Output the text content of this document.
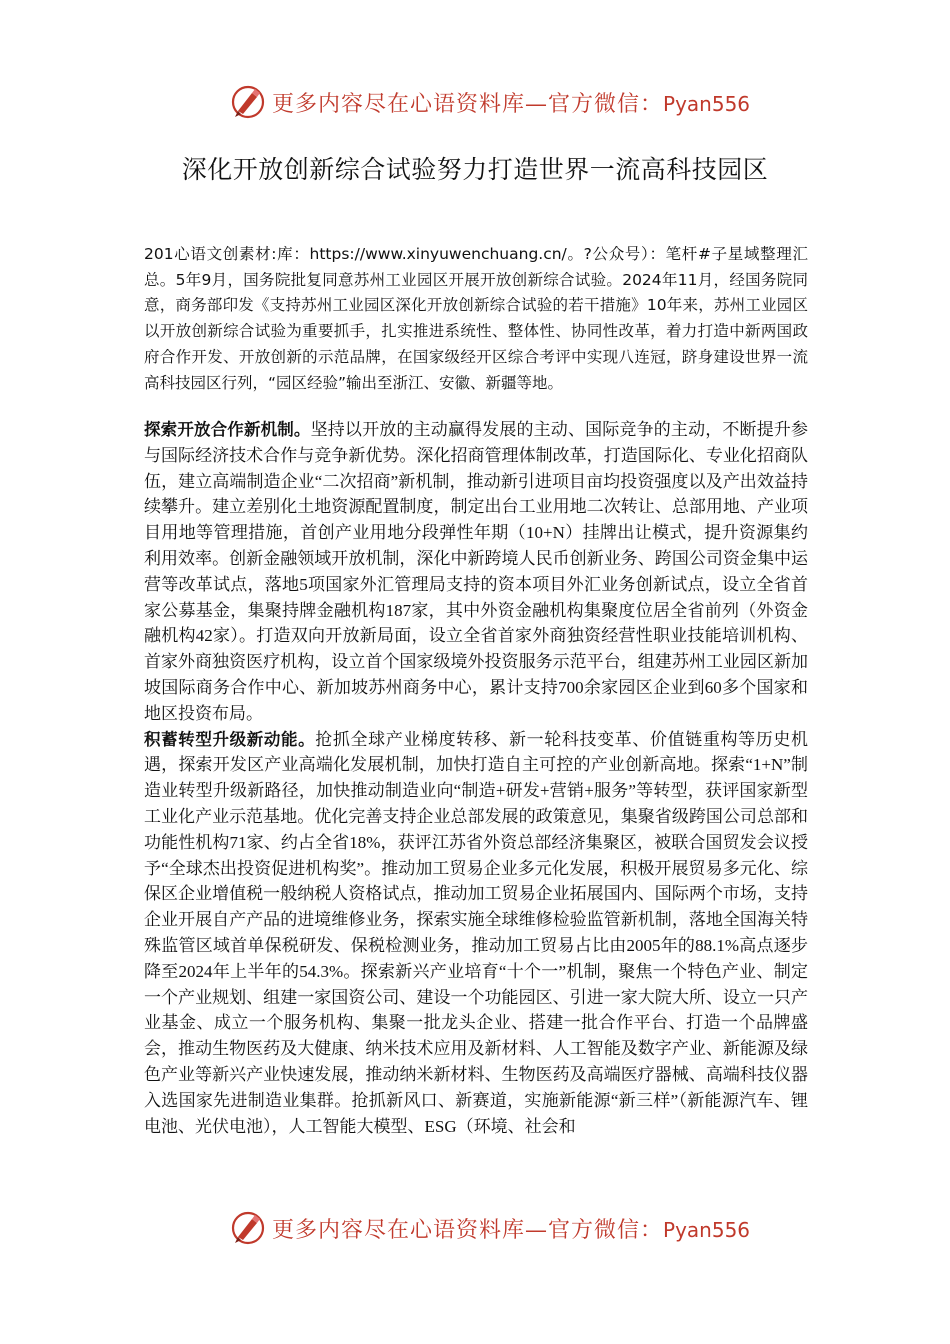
更多内容尽在心语资料库—官方微信：Pyan556
深化开放创新综合试验努力打造世界一流高科技园区

201心语文创素材:库：https://www.xinyuwenchuang.cn/。?公众号）：笔杆#子星域整理汇总。5年9月，国务院批复同意苏州工业园区开展开放创新综合试验。2024年11月，经国务院同意，商务部印发《支持苏州工业园区深化开放创新综合试验的若干措施》10年来，苏州工业园区以开放创新综合试验为重要抓手，扎实推进系统性、整体性、协同性改革，着力打造中新两国政府合作开发、开放创新的示范品牌，在国家级经开区综合考评中实现八连冠，跻身建设世界一流高科技园区行列，“园区经验”输出至浙江、安徽、新疆等地。

探索开放合作新机制。坚持以开放的主动赢得发展的主动、国际竞争的主动，不断提升参与国际经济技术合作与竞争新优势。深化招商管理体制改革，打造国际化、专业化招商队伍，建立高端制造企业“二次招商”新机制，推动新引进项目亩均投资强度以及产出效益持续攀升。建立差别化土地资源配置制度，制定出台工业用地二次转让、总部用地、产业项目用地等管理措施，首创产业用地分段弹性年期（10+N）挂牌出让模式，提升资源集约利用效率。创新金融领域开放机制，深化中新跨境人民币创新业务、跨国公司资金集中运营等改革试点，落地5项国家外汇管理局支持的资本项目外汇业务创新试点，设立全省首家公募基金，集聚持牌金融机构187家，其中外资金融机构集聚度位居全省前列（外资金融机构42家）。打造双向开放新局面，设立全省首家外商独资经营性职业技能培训机构、首家外商独资医疗机构，设立首个国家级境外投资服务示范平台，组建苏州工业园区新加坡国际商务合作中心、新加坡苏州商务中心，累计支持700余家园区企业到60多个国家和地区投资布局。

积蓄转型升级新动能。抢抓全球产业梯度转移、新一轮科技变革、价值链重构等历史机遇，探索开发区产业高端化发展机制，加快打造自主可控的产业创新高地。探索“1+N”制造业转型升级新路径，加快推动制造业向“制造+研发+营销+服务”等转型，获评国家新型工业化产业示范基地。优化完善支持企业总部发展的政策意见，集聚省级跨国公司总部和功能性机构71家、约占全省18%，获评江苏省外资总部经济集聚区，被联合国贸发会议授予“全球杰出投资促进机构奖”。推动加工贸易企业多元化发展，积极开展贸易多元化、综保区企业增值税一般纳税人资格试点，推动加工贸易企业拓展国内、国际两个市场，支持企业开展自产产品的进境维修业务，探索实施全球维修检验监管新机制，落地全国海关特殊监管区域首单保税研发、保税检测业务，推动加工贸易占比由2005年的88.1%高点逐步降至2024年上半年的54.3%。探索新兴产业培育“十个一”机制，聚焦一个特色产业、制定一个产业规划、组建一家国资公司、建设一个功能园区、引进一家大院大所、设立一只产业基金、成立一个服务机构、集聚一批龙头企业、搭建一批合作平台、打造一个品牌盛会，推动生物医药及大健康、纳米技术应用及新材料、人工智能及数字产业、新能源及绿色产业等新兴产业快速发展，推动纳米新材料、生物医药及高端医疗器械、高端科技仪器入选国家先进制造业集群。抢抓新风口、新赛道，实施新能源“新三样”（新能源汽车、锂电池、光伏电池），人工智能大模型、ESG（环境、社会和

更多内容尽在心语资料库—官方微信：Pyan556
